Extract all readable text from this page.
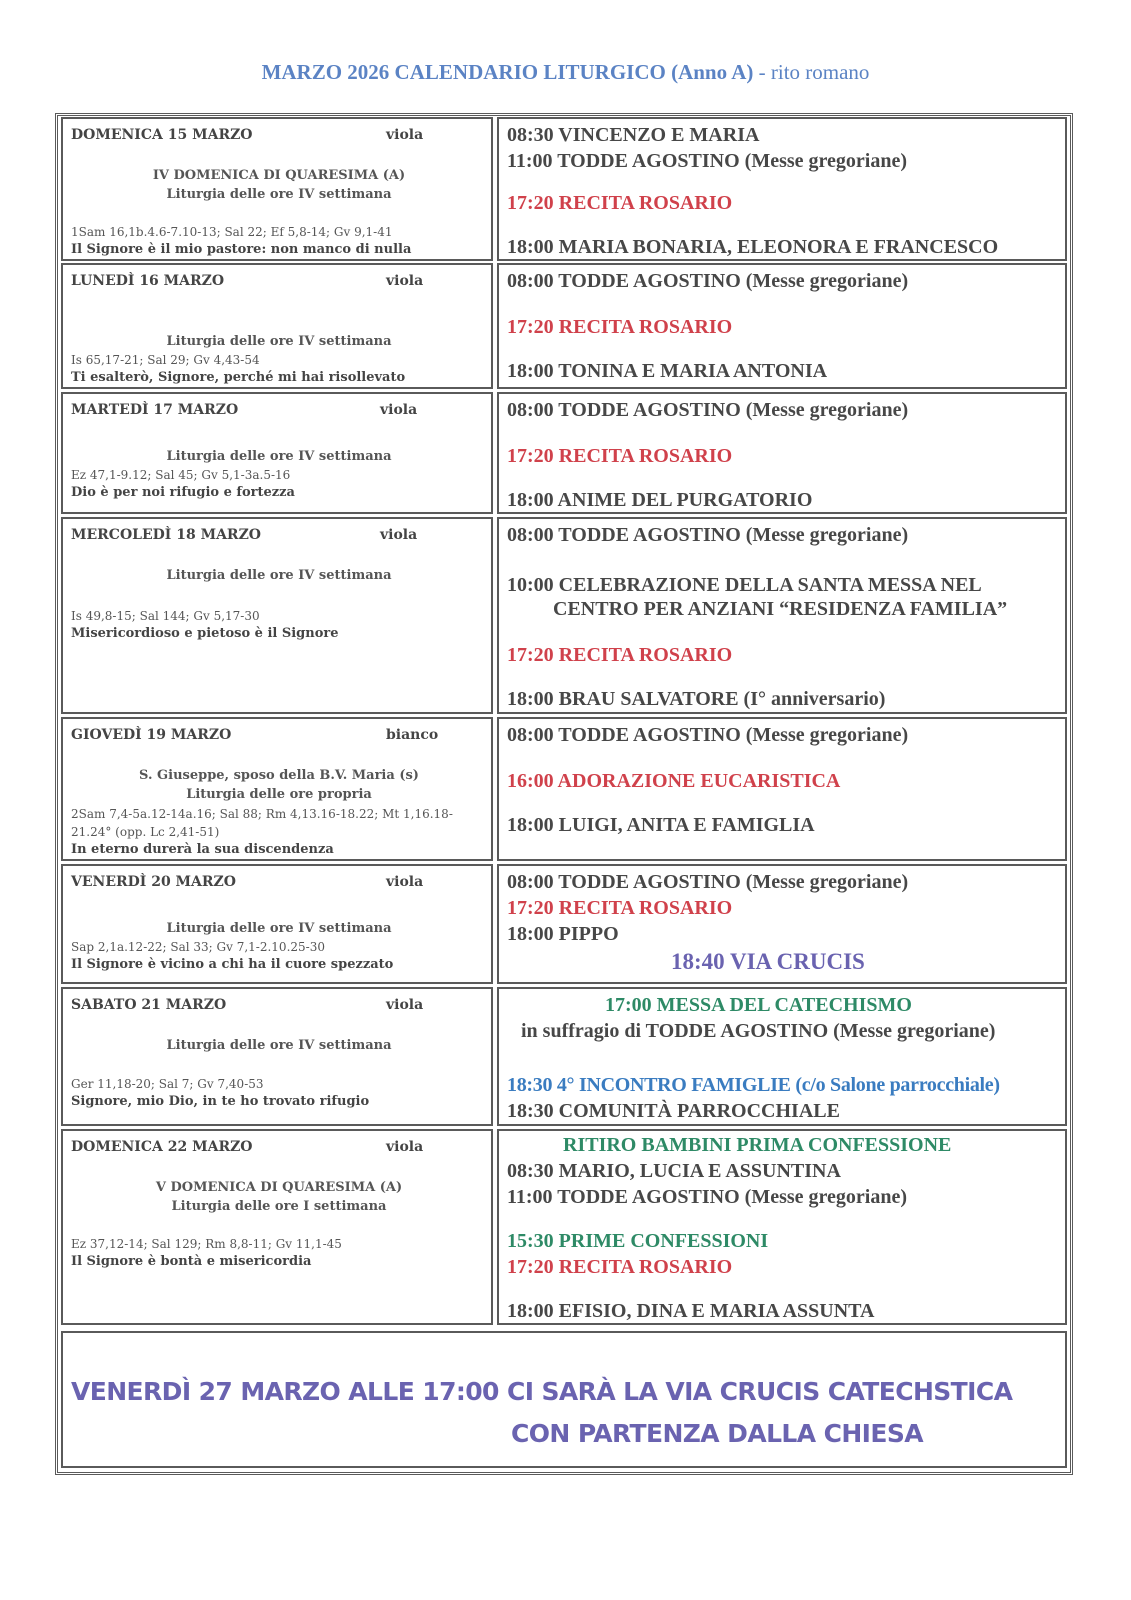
MARZO 2026 CALENDARIO LITURGICO (Anno A) - rito romano
DOMENICA 15 MARZO	viola
IV DOMENICA DI QUARESIMA (A)
Liturgia delle ore IV settimana
1Sam 16,1b.4.6-7.10-13; Sal 22; Ef 5,8-14; Gv 9,1-41
Il Signore è il mio pastore: non manco di nulla
08:30 VINCENZO E MARIA
11:00 TODDE AGOSTINO (Messe gregoriane)
17:20 RECITA ROSARIO
18:00 MARIA BONARIA, ELEONORA E FRANCESCO
LUNEDÌ 16 MARZO	viola
Liturgia delle ore IV settimana
Is 65,17-21; Sal 29; Gv 4,43-54
Ti esalterò, Signore, perché mi hai risollevato
08:00 TODDE AGOSTINO (Messe gregoriane)
17:20 RECITA ROSARIO
18:00 TONINA E MARIA ANTONIA
MARTEDÌ 17 MARZO	viola
Liturgia delle ore IV settimana
Ez 47,1-9.12; Sal 45; Gv 5,1-3a.5-16
Dio è per noi rifugio e fortezza
08:00 TODDE AGOSTINO (Messe gregoriane)
17:20 RECITA ROSARIO
18:00 ANIME DEL PURGATORIO
MERCOLEDÌ 18 MARZO	viola
Liturgia delle ore IV settimana
Is 49,8-15; Sal 144; Gv 5,17-30
Misericordioso e pietoso è il Signore
08:00 TODDE AGOSTINO (Messe gregoriane)
10:00 CELEBRAZIONE DELLA SANTA MESSA NEL
CENTRO PER ANZIANI “RESIDENZA FAMILIA”
17:20 RECITA ROSARIO
18:00 BRAU SALVATORE (I° anniversario)
GIOVEDÌ 19 MARZO	bianco
S. Giuseppe, sposo della B.V. Maria (s)
Liturgia delle ore propria
2Sam 7,4-5a.12-14a.16; Sal 88; Rm 4,13.16-18.22; Mt 1,16.18-
21.24° (opp. Lc 2,41-51)
In eterno durerà la sua discendenza
08:00 TODDE AGOSTINO (Messe gregoriane)
16:00 ADORAZIONE EUCARISTICA
18:00 LUIGI, ANITA E FAMIGLIA
VENERDÌ 20 MARZO	viola
Liturgia delle ore IV settimana
Sap 2,1a.12-22; Sal 33; Gv 7,1-2.10.25-30
Il Signore è vicino a chi ha il cuore spezzato
08:00 TODDE AGOSTINO (Messe gregoriane)
17:20 RECITA ROSARIO
18:00 PIPPO
18:40 VIA CRUCIS
SABATO 21 MARZO	viola
Liturgia delle ore IV settimana
Ger 11,18-20; Sal 7; Gv 7,40-53
Signore, mio Dio, in te ho trovato rifugio
17:00 MESSA DEL CATECHISMO
in suffragio di TODDE AGOSTINO (Messe gregoriane)
18:30 4° INCONTRO FAMIGLIE (c/o Salone parrocchiale)
18:30 COMUNITÀ PARROCCHIALE
DOMENICA 22 MARZO	viola
V DOMENICA DI QUARESIMA (A)
Liturgia delle ore I settimana
Ez 37,12-14; Sal 129; Rm 8,8-11; Gv 11,1-45
Il Signore è bontà e misericordia
RITIRO BAMBINI PRIMA CONFESSIONE
08:30 MARIO, LUCIA E ASSUNTINA
11:00 TODDE AGOSTINO (Messe gregoriane)
15:30 PRIME CONFESSIONI
17:20 RECITA ROSARIO
18:00 EFISIO, DINA E MARIA ASSUNTA
VENERDÌ 27 MARZO ALLE 17:00 CI SARÀ LA VIA CRUCIS CATECHSTICA
CON PARTENZA DALLA CHIESA
